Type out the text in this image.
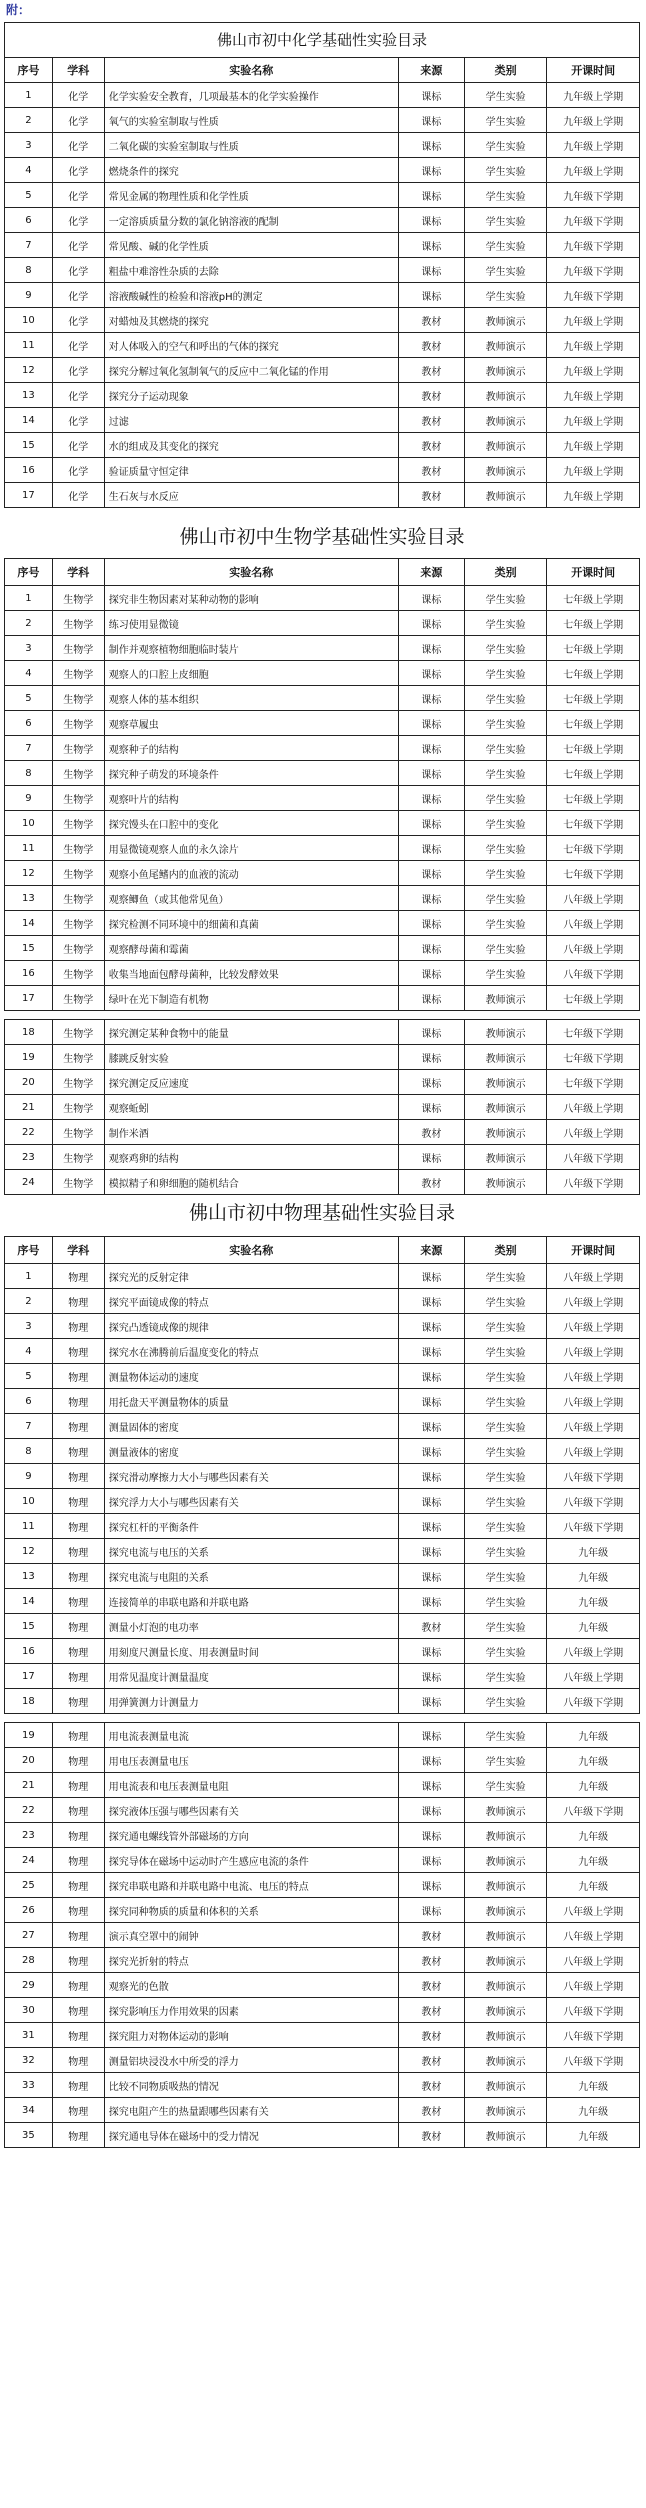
附：
佛山市初中化学基础性实验目录
序号	学科	实验名称	来源	类别	开课时间
1	化学	化学实验安全教育，几项最基本的化学实验操作	课标	学生实验	九年级上学期
2	化学	氧气的实验室制取与性质	课标	学生实验	九年级上学期
3	化学	二氧化碳的实验室制取与性质	课标	学生实验	九年级上学期
4	化学	燃烧条件的探究	课标	学生实验	九年级上学期
5	化学	常见金属的物理性质和化学性质	课标	学生实验	九年级下学期
6	化学	一定溶质质量分数的氯化钠溶液的配制	课标	学生实验	九年级下学期
7	化学	常见酸、碱的化学性质	课标	学生实验	九年级下学期
8	化学	粗盐中难溶性杂质的去除	课标	学生实验	九年级下学期
9	化学	溶液酸碱性的检验和溶液pH的测定	课标	学生实验	九年级下学期
10	化学	对蜡烛及其燃烧的探究	教材	教师演示	九年级上学期
11	化学	对人体吸入的空气和呼出的气体的探究	教材	教师演示	九年级上学期
12	化学	探究分解过氧化氢制氧气的反应中二氧化锰的作用	教材	教师演示	九年级上学期
13	化学	探究分子运动现象	教材	教师演示	九年级上学期
14	化学	过滤	教材	教师演示	九年级上学期
15	化学	水的组成及其变化的探究	教材	教师演示	九年级上学期
16	化学	验证质量守恒定律	教材	教师演示	九年级上学期
17	化学	生石灰与水反应	教材	教师演示	九年级上学期
佛山市初中生物学基础性实验目录
序号	学科	实验名称	来源	类别	开课时间
1	生物学	探究非生物因素对某种动物的影响	课标	学生实验	七年级上学期
2	生物学	练习使用显微镜	课标	学生实验	七年级上学期
3	生物学	制作并观察植物细胞临时装片	课标	学生实验	七年级上学期
4	生物学	观察人的口腔上皮细胞	课标	学生实验	七年级上学期
5	生物学	观察人体的基本组织	课标	学生实验	七年级上学期
6	生物学	观察草履虫	课标	学生实验	七年级上学期
7	生物学	观察种子的结构	课标	学生实验	七年级上学期
8	生物学	探究种子萌发的环境条件	课标	学生实验	七年级上学期
9	生物学	观察叶片的结构	课标	学生实验	七年级上学期
10	生物学	探究馒头在口腔中的变化	课标	学生实验	七年级下学期
11	生物学	用显微镜观察人血的永久涂片	课标	学生实验	七年级下学期
12	生物学	观察小鱼尾鳍内的血液的流动	课标	学生实验	七年级下学期
13	生物学	观察鲫鱼（或其他常见鱼）	课标	学生实验	八年级上学期
14	生物学	探究检测不同环境中的细菌和真菌	课标	学生实验	八年级上学期
15	生物学	观察酵母菌和霉菌	课标	学生实验	八年级上学期
16	生物学	收集当地面包酵母菌种，比较发酵效果	课标	学生实验	八年级下学期
17	生物学	绿叶在光下制造有机物	课标	教师演示	七年级上学期

18	生物学	探究测定某种食物中的能量	课标	教师演示	七年级下学期
19	生物学	膝跳反射实验	课标	教师演示	七年级下学期
20	生物学	探究测定反应速度	课标	教师演示	七年级下学期
21	生物学	观察蚯蚓	课标	教师演示	八年级上学期
22	生物学	制作米酒	教材	教师演示	八年级上学期
23	生物学	观察鸡卵的结构	课标	教师演示	八年级下学期
24	生物学	模拟精子和卵细胞的随机结合	教材	教师演示	八年级下学期
佛山市初中物理基础性实验目录
序号	学科	实验名称	来源	类别	开课时间
1	物理	探究光的反射定律	课标	学生实验	八年级上学期
2	物理	探究平面镜成像的特点	课标	学生实验	八年级上学期
3	物理	探究凸透镜成像的规律	课标	学生实验	八年级上学期
4	物理	探究水在沸腾前后温度变化的特点	课标	学生实验	八年级上学期
5	物理	测量物体运动的速度	课标	学生实验	八年级上学期
6	物理	用托盘天平测量物体的质量	课标	学生实验	八年级上学期
7	物理	测量固体的密度	课标	学生实验	八年级上学期
8	物理	测量液体的密度	课标	学生实验	八年级上学期
9	物理	探究滑动摩擦力大小与哪些因素有关	课标	学生实验	八年级下学期
10	物理	探究浮力大小与哪些因素有关	课标	学生实验	八年级下学期
11	物理	探究杠杆的平衡条件	课标	学生实验	八年级下学期
12	物理	探究电流与电压的关系	课标	学生实验	九年级
13	物理	探究电流与电阻的关系	课标	学生实验	九年级
14	物理	连接简单的串联电路和并联电路	课标	学生实验	九年级
15	物理	测量小灯泡的电功率	教材	学生实验	九年级
16	物理	用刻度尺测量长度、用表测量时间	课标	学生实验	八年级上学期
17	物理	用常见温度计测量温度	课标	学生实验	八年级上学期
18	物理	用弹簧测力计测量力	课标	学生实验	八年级下学期

19	物理	用电流表测量电流	课标	学生实验	九年级
20	物理	用电压表测量电压	课标	学生实验	九年级
21	物理	用电流表和电压表测量电阻	课标	学生实验	九年级
22	物理	探究液体压强与哪些因素有关	课标	教师演示	八年级下学期
23	物理	探究通电螺线管外部磁场的方向	课标	教师演示	九年级
24	物理	探究导体在磁场中运动时产生感应电流的条件	课标	教师演示	九年级
25	物理	探究串联电路和并联电路中电流、电压的特点	课标	教师演示	九年级
26	物理	探究同种物质的质量和体积的关系	课标	教师演示	八年级上学期
27	物理	演示真空罩中的闹钟	教材	教师演示	八年级上学期
28	物理	探究光折射的特点	教材	教师演示	八年级上学期
29	物理	观察光的色散	教材	教师演示	八年级上学期
30	物理	探究影响压力作用效果的因素	教材	教师演示	八年级下学期
31	物理	探究阻力对物体运动的影响	教材	教师演示	八年级下学期
32	物理	测量铝块浸没水中所受的浮力	教材	教师演示	八年级下学期
33	物理	比较不同物质吸热的情况	教材	教师演示	九年级
34	物理	探究电阻产生的热量跟哪些因素有关	教材	教师演示	九年级
35	物理	探究通电导体在磁场中的受力情况	教材	教师演示	九年级
